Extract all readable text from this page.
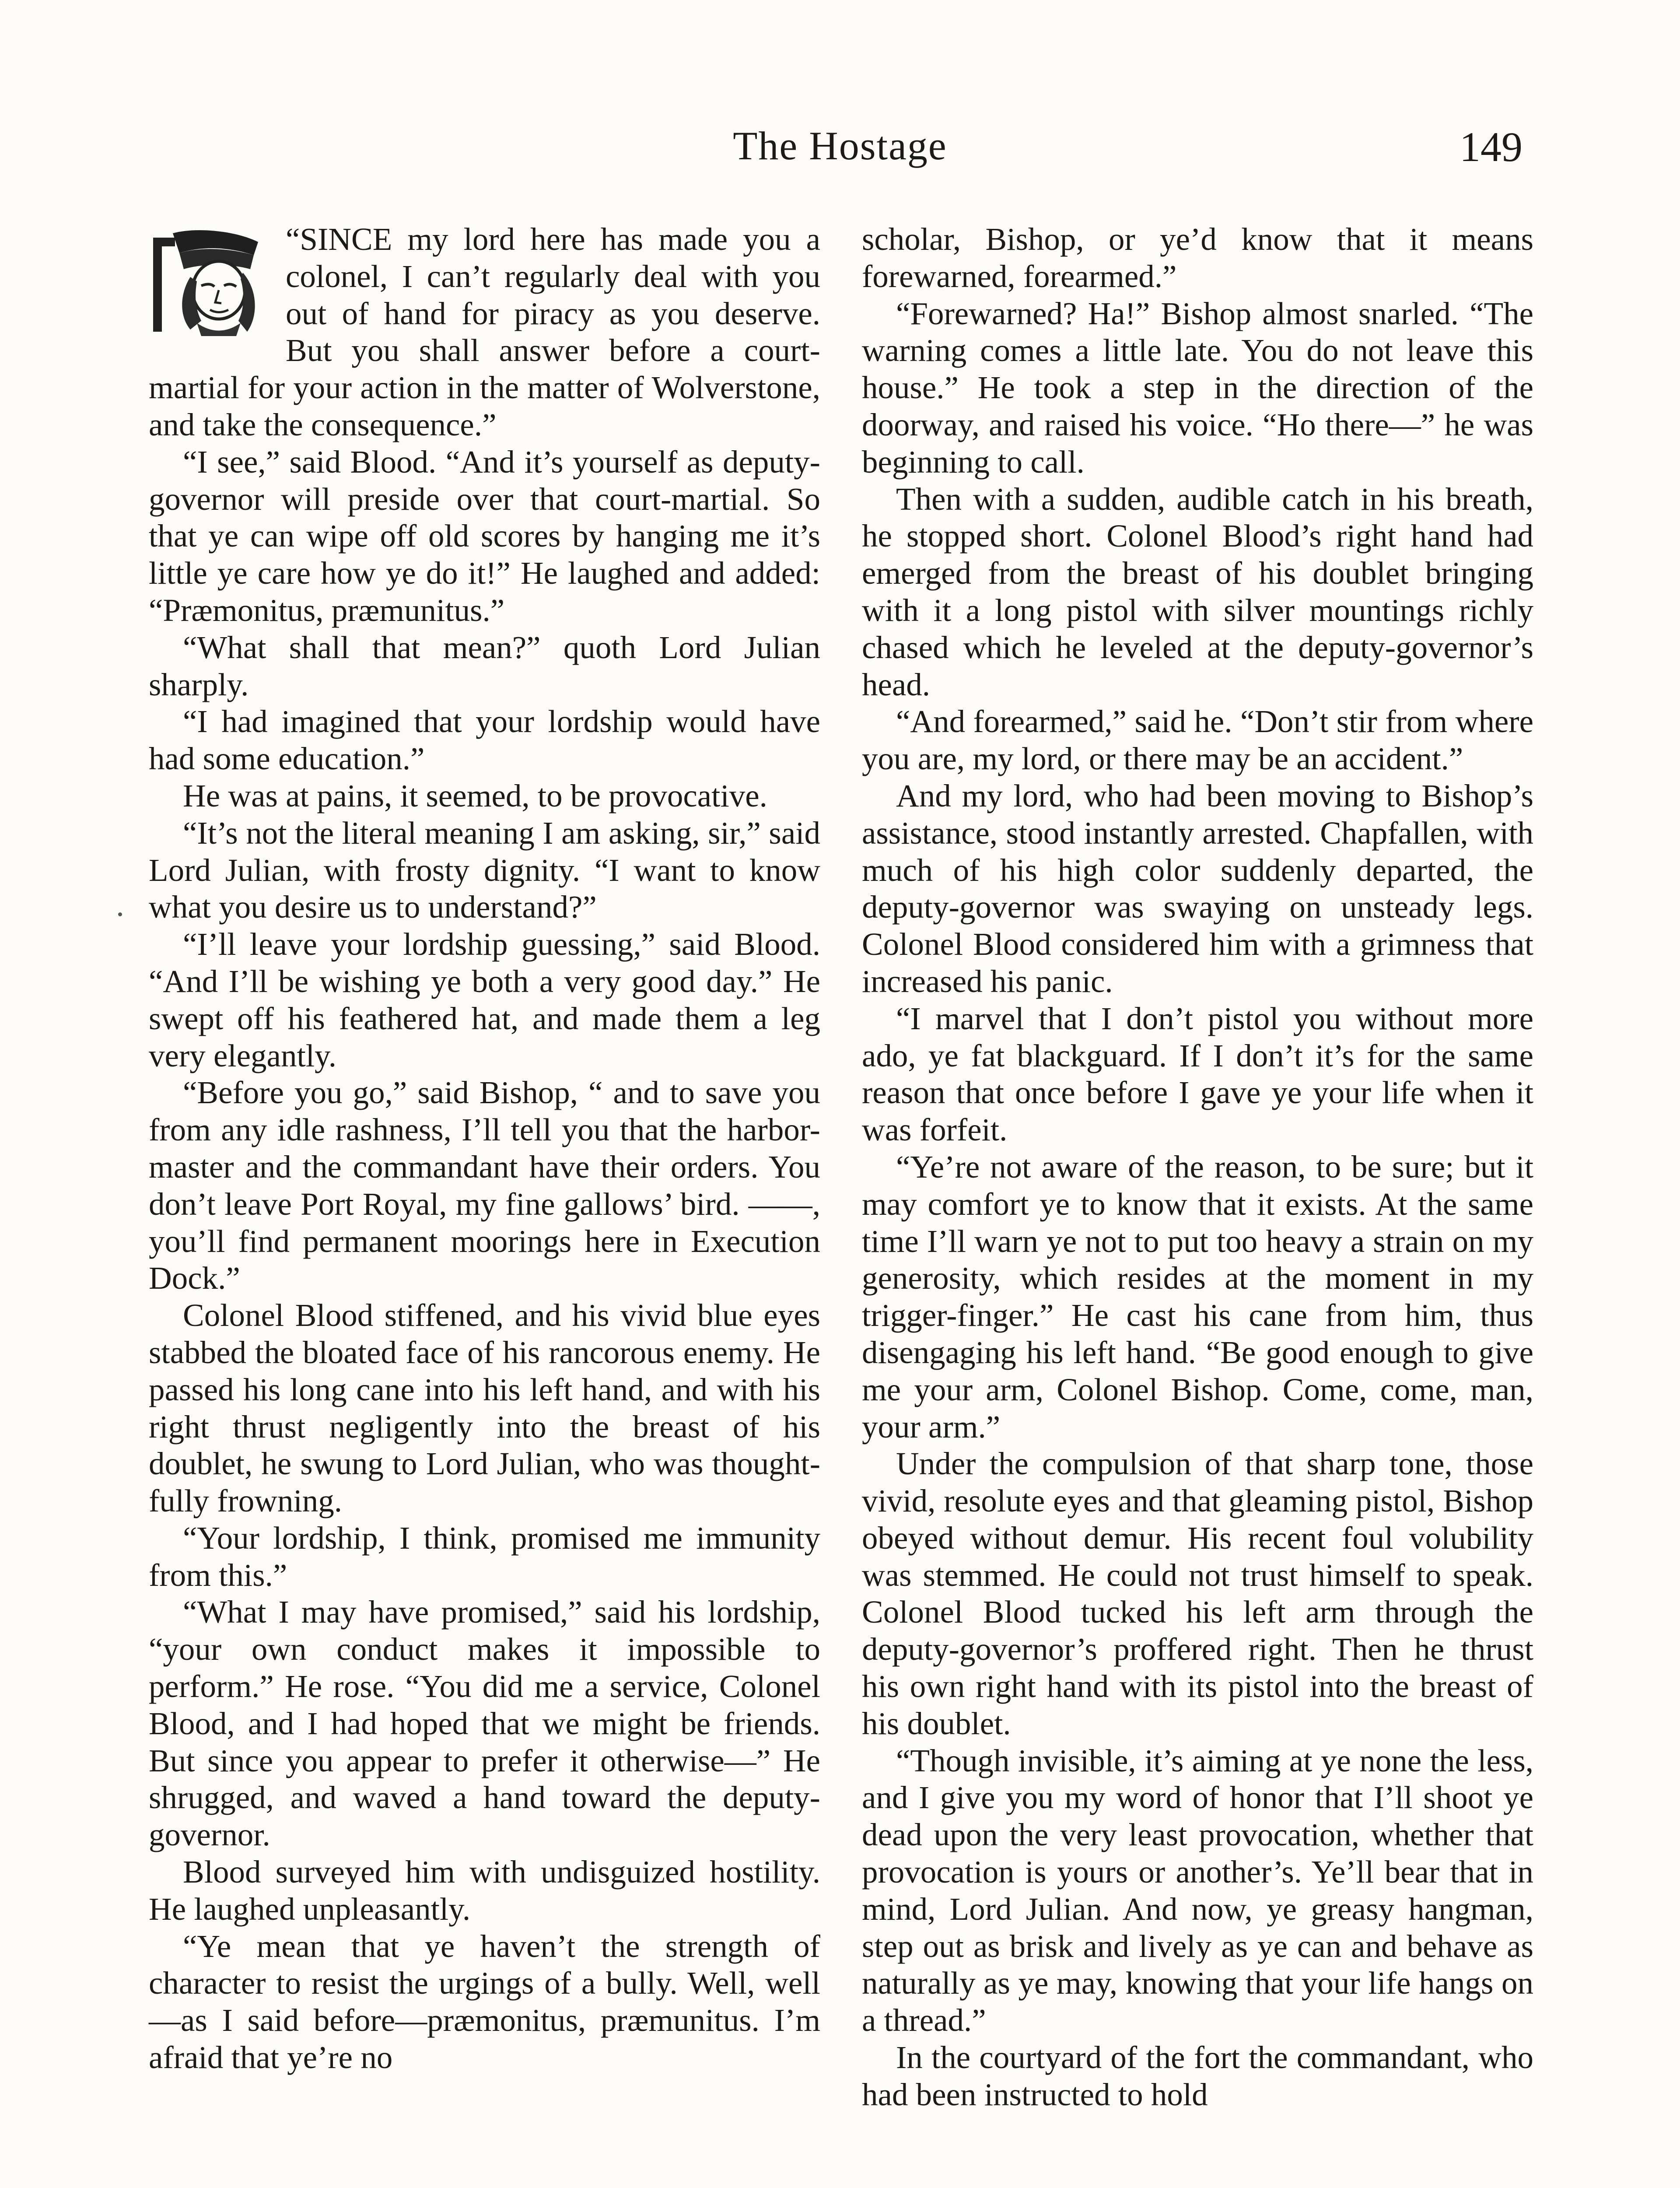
The Hostage	149

“SINCE my lord here has made you a colonel, I can’t regularly deal with you out of hand for piracy as you deserve. But you shall answer before a court-martial for your action in the matter of Wolverstone, and take the consequence.”

“I see,” said Blood. “And it’s yourself as deputy-governor will preside over that court-martial. So that ye can wipe off old scores by hanging me it’s little ye care how ye do it!” He laughed and added: “Præmonitus, præmunitus.”

“What shall that mean?” quoth Lord Julian sharply.

“I had imagined that your lordship would have had some education.”

He was at pains, it seemed, to be provocative.

“It’s not the literal meaning I am asking, sir,” said Lord Julian, with frosty dignity. “I want to know what you desire us to understand?”

“I’ll leave your lordship guessing,” said Blood. “And I’ll be wishing ye both a very good day.” He swept off his feathered hat, and made them a leg very elegantly.

“Before you go,” said Bishop, “ and to save you from any idle rashness, I’ll tell you that the harbor-master and the commandant have their orders. You don’t leave Port Royal, my fine gallows’ bird. ——, you’ll find permanent moorings here in Execution Dock.”

Colonel Blood stiffened, and his vivid blue eyes stabbed the bloated face of his rancorous enemy. He passed his long cane into his left hand, and with his right thrust negligently into the breast of his doublet, he swung to Lord Julian, who was thoughtfully frowning.

“Your lordship, I think, promised me immunity from this.”

“What I may have promised,” said his lordship, “your own conduct makes it impossible to perform.” He rose. “You did me a service, Colonel Blood, and I had hoped that we might be friends. But since you appear to prefer it otherwise—” He shrugged, and waved a hand toward the deputy-governor.

Blood surveyed him with undisguized hostility. He laughed unpleasantly.

“Ye mean that ye haven’t the strength of character to resist the urgings of a bully. Well, well—as I said before—præmonitus, præmunitus. I’m afraid that ye’re no

scholar, Bishop, or ye’d know that it means forewarned, forearmed.”

“Forewarned? Ha!” Bishop almost snarled. “The warning comes a little late. You do not leave this house.” He took a step in the direction of the doorway, and raised his voice. “Ho there—” he was beginning to call.

Then with a sudden, audible catch in his breath, he stopped short. Colonel Blood’s right hand had emerged from the breast of his doublet bringing with it a long pistol with silver mountings richly chased which he leveled at the deputy-governor’s head.

“And forearmed,” said he. “Don’t stir from where you are, my lord, or there may be an accident.”

And my lord, who had been moving to Bishop’s assistance, stood instantly arrested. Chapfallen, with much of his high color suddenly departed, the deputy-governor was swaying on unsteady legs. Colonel Blood considered him with a grimness that increased his panic.

“I marvel that I don’t pistol you without more ado, ye fat blackguard. If I don’t it’s for the same reason that once before I gave ye your life when it was forfeit.

“Ye’re not aware of the reason, to be sure; but it may comfort ye to know that it exists. At the same time I’ll warn ye not to put too heavy a strain on my generosity, which resides at the moment in my trigger-finger.” He cast his cane from him, thus disengaging his left hand. “Be good enough to give me your arm, Colonel Bishop. Come, come, man, your arm.”

Under the compulsion of that sharp tone, those vivid, resolute eyes and that gleaming pistol, Bishop obeyed without demur. His recent foul volubility was stemmed. He could not trust himself to speak. Colonel Blood tucked his left arm through the deputy-governor’s proffered right. Then he thrust his own right hand with its pistol into the breast of his doublet.

“Though invisible, it’s aiming at ye none the less, and I give you my word of honor that I’ll shoot ye dead upon the very least provocation, whether that provocation is yours or another’s. Ye’ll bear that in mind, Lord Julian. And now, ye greasy hangman, step out as brisk and lively as ye can and behave as naturally as ye may, knowing that your life hangs on a thread.”

In the courtyard of the fort the commandant, who had been instructed to hold
